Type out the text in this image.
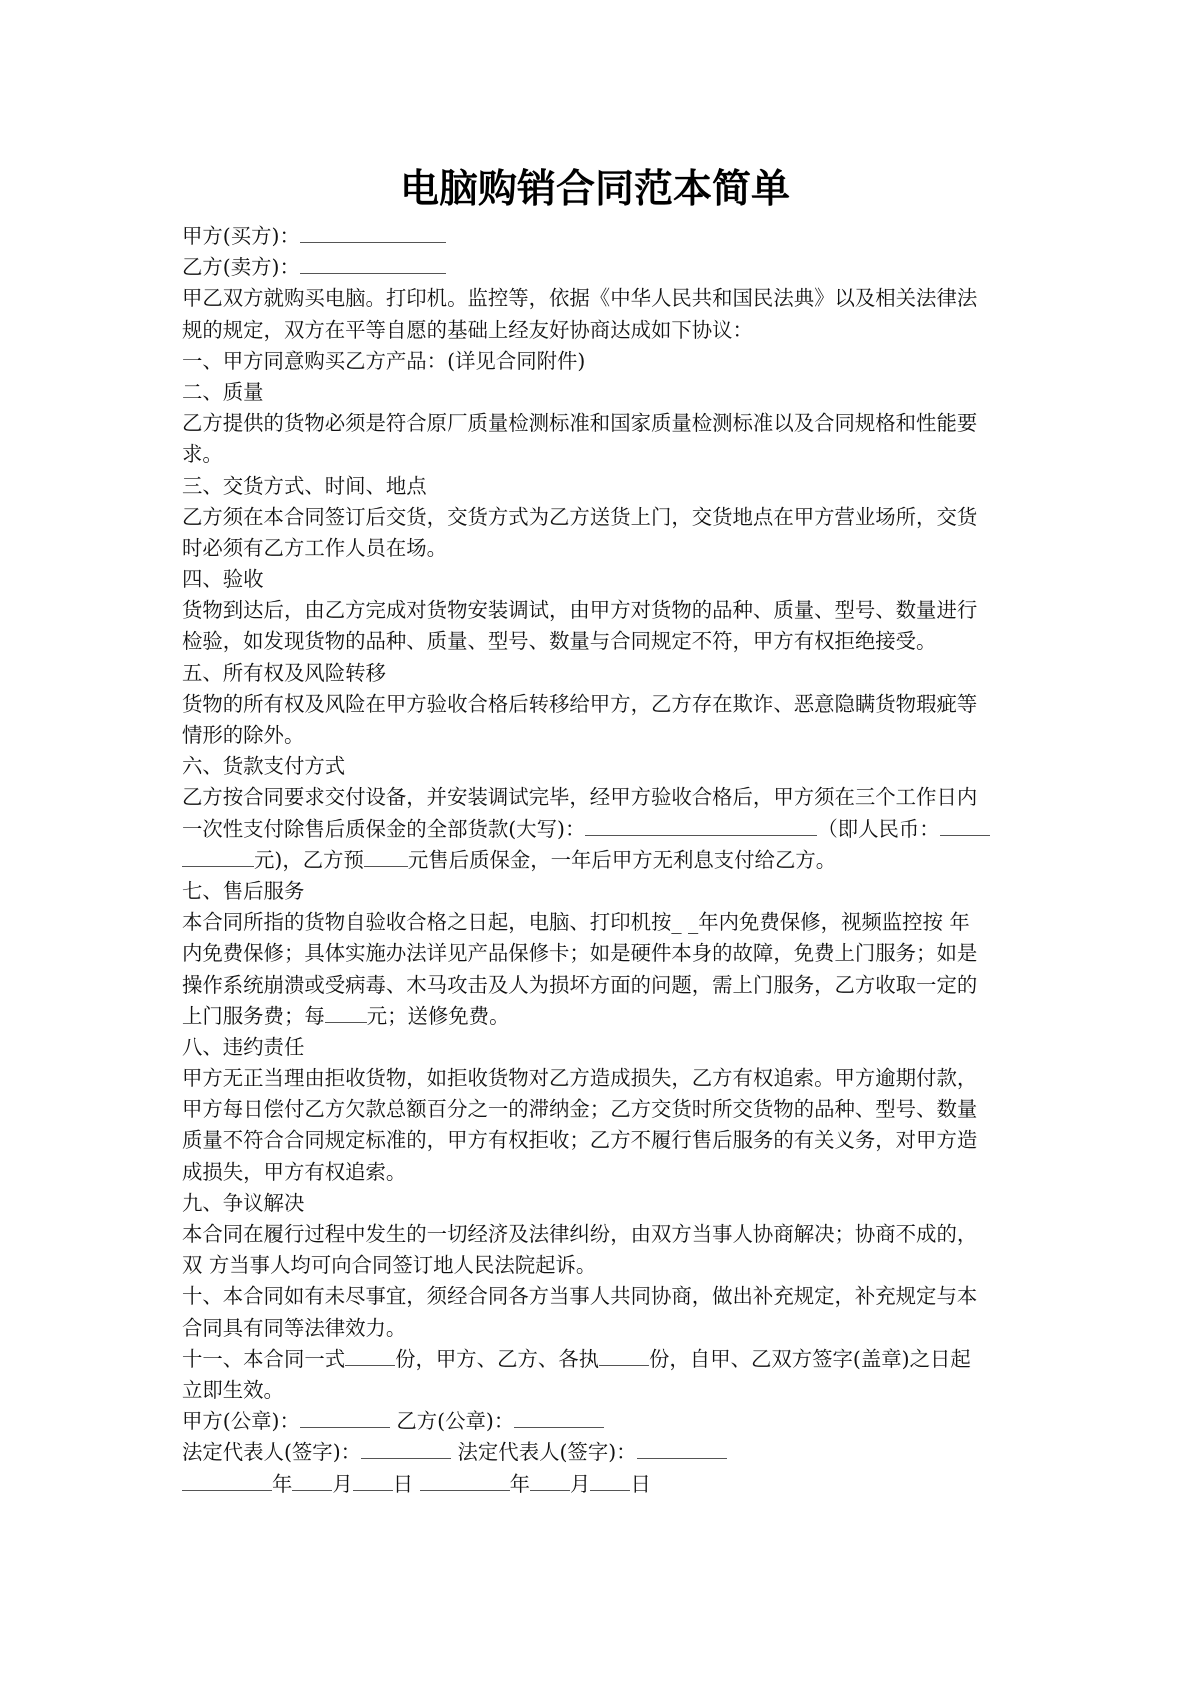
电脑购销合同范本简单
甲方(买方)：
乙方(卖方)：
甲乙双方就购买电脑。打印机。监控等，依据《中华人民共和国民法典》以及相关法律法
规的规定，双方在平等自愿的基础上经友好协商达成如下协议：
一、甲方同意购买乙方产品：(详见合同附件)
二、质量
乙方提供的货物必须是符合原厂质量检测标准和国家质量检测标准以及合同规格和性能要
求。
三、交货方式、时间、地点
乙方须在本合同签订后交货，交货方式为乙方送货上门，交货地点在甲方营业场所，交货
时必须有乙方工作人员在场。
四、验收
货物到达后，由乙方完成对货物安装调试，由甲方对货物的品种、质量、型号、数量进行
检验，如发现货物的品种、质量、型号、数量与合同规定不符，甲方有权拒绝接受。
五、所有权及风险转移
货物的所有权及风险在甲方验收合格后转移给甲方，乙方存在欺诈、恶意隐瞒货物瑕疵等
情形的除外。
六、货款支付方式
乙方按合同要求交付设备，并安装调试完毕，经甲方验收合格后，甲方须在三个工作日内
一次性支付除售后质保金的全部货款(大写)：	（即人民币：
元)，乙方预 元售后质保金，一年后甲方无利息支付给乙方。
七、售后服务
本合同所指的货物自验收合格之日起，电脑、打印机按_ _年内免费保修，视频监控按 年
内免费保修；具体实施办法详见产品保修卡；如是硬件本身的故障，免费上门服务；如是
操作系统崩溃或受病毒、木马攻击及人为损坏方面的问题，需上门服务，乙方收取一定的
上门服务费；每 元；送修免费。
八、违约责任
甲方无正当理由拒收货物，如拒收货物对乙方造成损失，乙方有权追索。甲方逾期付款，
甲方每日偿付乙方欠款总额百分之一的滞纳金；乙方交货时所交货物的品种、型号、数量
质量不符合合同规定标准的，甲方有权拒收；乙方不履行售后服务的有关义务，对甲方造
成损失，甲方有权追索。
九、争议解决
本合同在履行过程中发生的一切经济及法律纠纷，由双方当事人协商解决；协商不成的，
双 方当事人均可向合同签订地人民法院起诉。
十、本合同如有未尽事宜，须经合同各方当事人共同协商，做出补充规定，补充规定与本
合同具有同等法律效力。
十一、本合同一式 份，甲方、乙方、各执 份，自甲、乙双方签字(盖章)之日起
立即生效。
甲方(公章)：	乙方(公章)：
法定代表人(签字)：	法定代表人(签字)：
年 月 日	年 月 日
